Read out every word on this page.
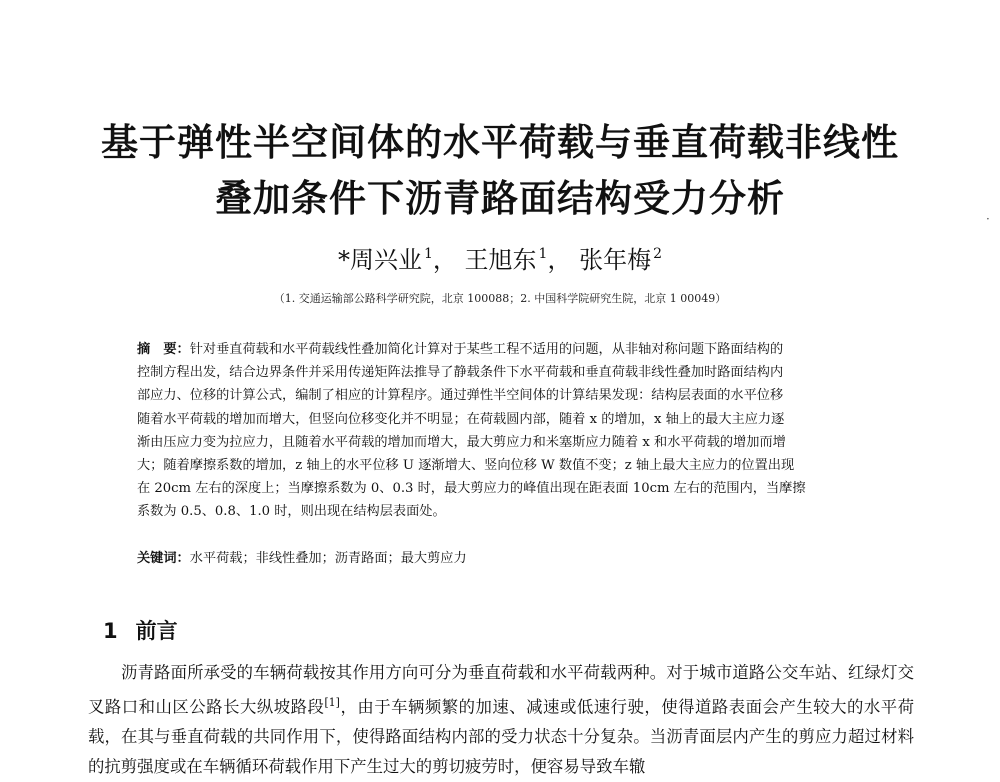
基于弹性半空间体的水平荷载与垂直荷载非线性
叠加条件下沥青路面结构受力分析
*周兴业 $^1$， 王旭东 $^1$， 张年梅 $^2$
（1. 交通运输部公路科学研究院，北京 100088；2. 中国科学院研究生院，北京 1 00049）

摘　要：针对垂直荷载和水平荷载线性叠加简化计算对于某些工程不适用的问题，从非轴对称问题下路面结构的
控制方程出发，结合边界条件并采用传递矩阵法推导了静载条件下水平荷载和垂直荷载非线性叠加时路面结构内
部应力、位移的计算公式，编制了相应的计算程序。通过弹性半空间体的计算结果发现：结构层表面的水平位移
随着水平荷载的增加而增大，但竖向位移变化并不明显；在荷载圆内部，随着 x 的增加，x 轴上的最大主应力逐
渐由压应力变为拉应力，且随着水平荷载的增加而增大，最大剪应力和米塞斯应力随着 x 和水平荷载的增加而增
大；随着摩擦系数的增加，z 轴上的水平位移 U 逐渐增大、竖向位移 W 数值不变；z 轴上最大主应力的位置出现
在 20cm 左右的深度上；当摩擦系数为 0、0.3 时，最大剪应力的峰值出现在距表面 10cm 左右的范围内，当摩擦
系数为 0.5、0.8、1.0 时，则出现在结构层表面处。

关键词：水平荷载；非线性叠加；沥青路面；最大剪应力

1 前言

沥青路面所承受的车辆荷载按其作用方向可分为垂直荷载和水平荷载两种。对于城市道路公交车站、红绿灯交叉路口和山区公路长大纵坡路段[1]，由于车辆频繁的加速、减速或低速行驶，使得道路表面会产生较大的水平荷载，在其与垂直荷载的共同作用下，使得路面结构内部的受力状态十分复杂。当沥青面层内产生的剪应力超过材料的抗剪强度或在车辆循环荷载作用下产生过大的剪切疲劳时，便容易导致车辙

·
